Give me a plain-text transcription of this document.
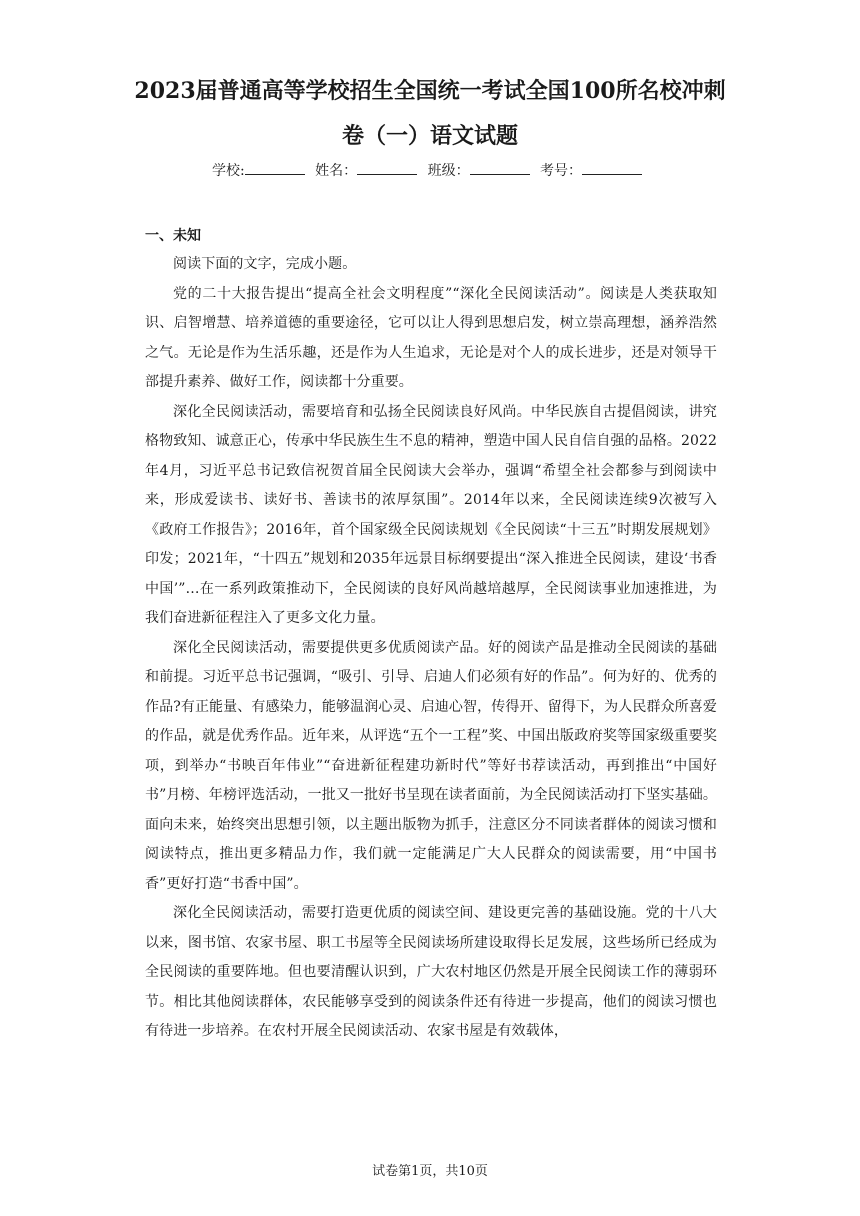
2023届普通高等学校招生全国统一考试全国100所名校冲刺
卷（一）语文试题
学校:	姓名：	班级：	考号：
一、未知

阅读下面的文字，完成小题。

党的二十大报告提出“提高全社会文明程度”“深化全民阅读活动”。阅读是人类获取知识、启智增慧、培养道德的重要途径，它可以让人得到思想启发，树立崇高理想，涵养浩然之气。无论是作为生活乐趣，还是作为人生追求，无论是对个人的成长进步，还是对领导干部提升素养、做好工作，阅读都十分重要。

深化全民阅读活动，需要培育和弘扬全民阅读良好风尚。中华民族自古提倡阅读，讲究格物致知、诚意正心，传承中华民族生生不息的精神，塑造中国人民自信自强的品格。2022年4月，习近平总书记致信祝贺首届全民阅读大会举办，强调“希望全社会都参与到阅读中来，形成爱读书、读好书、善读书的浓厚氛围”。2014年以来，全民阅读连续9次被写入《政府工作报告》；2016年，首个国家级全民阅读规划《全民阅读“十三五”时期发展规划》印发；2021年，“十四五”规划和2035年远景目标纲要提出“深入推进全民阅读，建设‘书香中国’”…在一系列政策推动下，全民阅读的良好风尚越培越厚，全民阅读事业加速推进，为我们奋进新征程注入了更多文化力量。

深化全民阅读活动，需要提供更多优质阅读产品。好的阅读产品是推动全民阅读的基础和前提。习近平总书记强调，“吸引、引导、启迪人们必须有好的作品”。何为好的、优秀的作品?有正能量、有感染力，能够温润心灵、启迪心智，传得开、留得下，为人民群众所喜爱的作品，就是优秀作品。近年来，从评选“五个一工程”奖、中国出版政府奖等国家级重要奖项，到举办“书映百年伟业”“奋进新征程建功新时代”等好书荐读活动，再到推出“中国好书”月榜、年榜评选活动，一批又一批好书呈现在读者面前，为全民阅读活动打下坚实基础。面向未来，始终突出思想引领，以主题出版物为抓手，注意区分不同读者群体的阅读习惯和阅读特点，推出更多精品力作，我们就一定能满足广大人民群众的阅读需要，用“中国书香”更好打造“书香中国”。

深化全民阅读活动，需要打造更优质的阅读空间、建设更完善的基础设施。党的十八大以来，图书馆、农家书屋、职工书屋等全民阅读场所建设取得长足发展，这些场所已经成为全民阅读的重要阵地。但也要清醒认识到，广大农村地区仍然是开展全民阅读工作的薄弱环节。相比其他阅读群体，农民能够享受到的阅读条件还有待进一步提高，他们的阅读习惯也有待进一步培养。在农村开展全民阅读活动、农家书屋是有效载体，

试卷第1页，共10页
